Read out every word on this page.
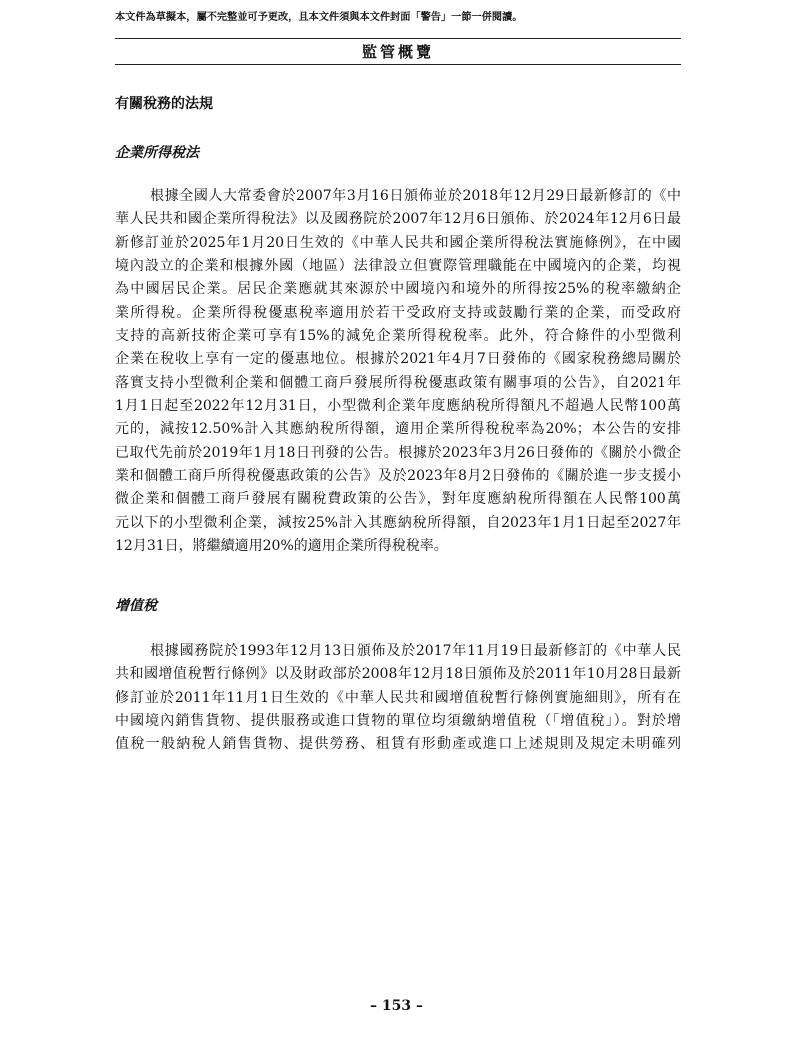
本文件為草擬本，屬不完整並可予更改，且本文件須與本文件封面「警告」一節一併閱讀。
監管概覽
有關稅務的法規
企業所得稅法
根據全國人大常委會於2007年3月16日頒佈並於2018年12月29日最新修訂的《中
華人民共和國企業所得稅法》以及國務院於2007年12月6日頒佈、於2024年12月6日最
新修訂並於2025年1月20日生效的《中華人民共和國企業所得稅法實施條例》，在中國
境內設立的企業和根據外國（地區）法律設立但實際管理職能在中國境內的企業，均視
為中國居民企業。居民企業應就其來源於中國境內和境外的所得按25%的稅率繳納企
業所得稅。企業所得稅優惠稅率適用於若干受政府支持或鼓勵行業的企業，而受政府
支持的高新技術企業可享有15%的減免企業所得稅稅率。此外，符合條件的小型微利
企業在稅收上享有一定的優惠地位。根據於2021年4月7日發佈的《國家稅務總局關於
落實支持小型微利企業和個體工商戶發展所得稅優惠政策有關事項的公告》，自2021年
1月1日起至2022年12月31日，小型微利企業年度應納稅所得額凡不超過人民幣100萬
元的，減按12.50%計入其應納稅所得額，適用企業所得稅稅率為20%；本公告的安排
已取代先前於2019年1月18日刊發的公告。根據於2023年3月26日發佈的《關於小微企
業和個體工商戶所得稅優惠政策的公告》及於2023年8月2日發佈的《關於進一步支援小
微企業和個體工商戶發展有關稅費政策的公告》，對年度應納稅所得額在人民幣100萬
元以下的小型微利企業，減按25%計入其應納稅所得額，自2023年1月1日起至2027年
12月31日，將繼續適用20%的適用企業所得稅稅率。
增值稅
根據國務院於1993年12月13日頒佈及於2017年11月19日最新修訂的《中華人民
共和國增值稅暫行條例》以及財政部於2008年12月18日頒佈及於2011年10月28日最新
修訂並於2011年11月1日生效的《中華人民共和國增值稅暫行條例實施細則》，所有在
中國境內銷售貨物、提供服務或進口貨物的單位均須繳納增值稅（「增值稅」）。對於增
值稅一般納稅人銷售貨物、提供勞務、租賃有形動產或進口上述規則及規定未明確列
– 153 –
